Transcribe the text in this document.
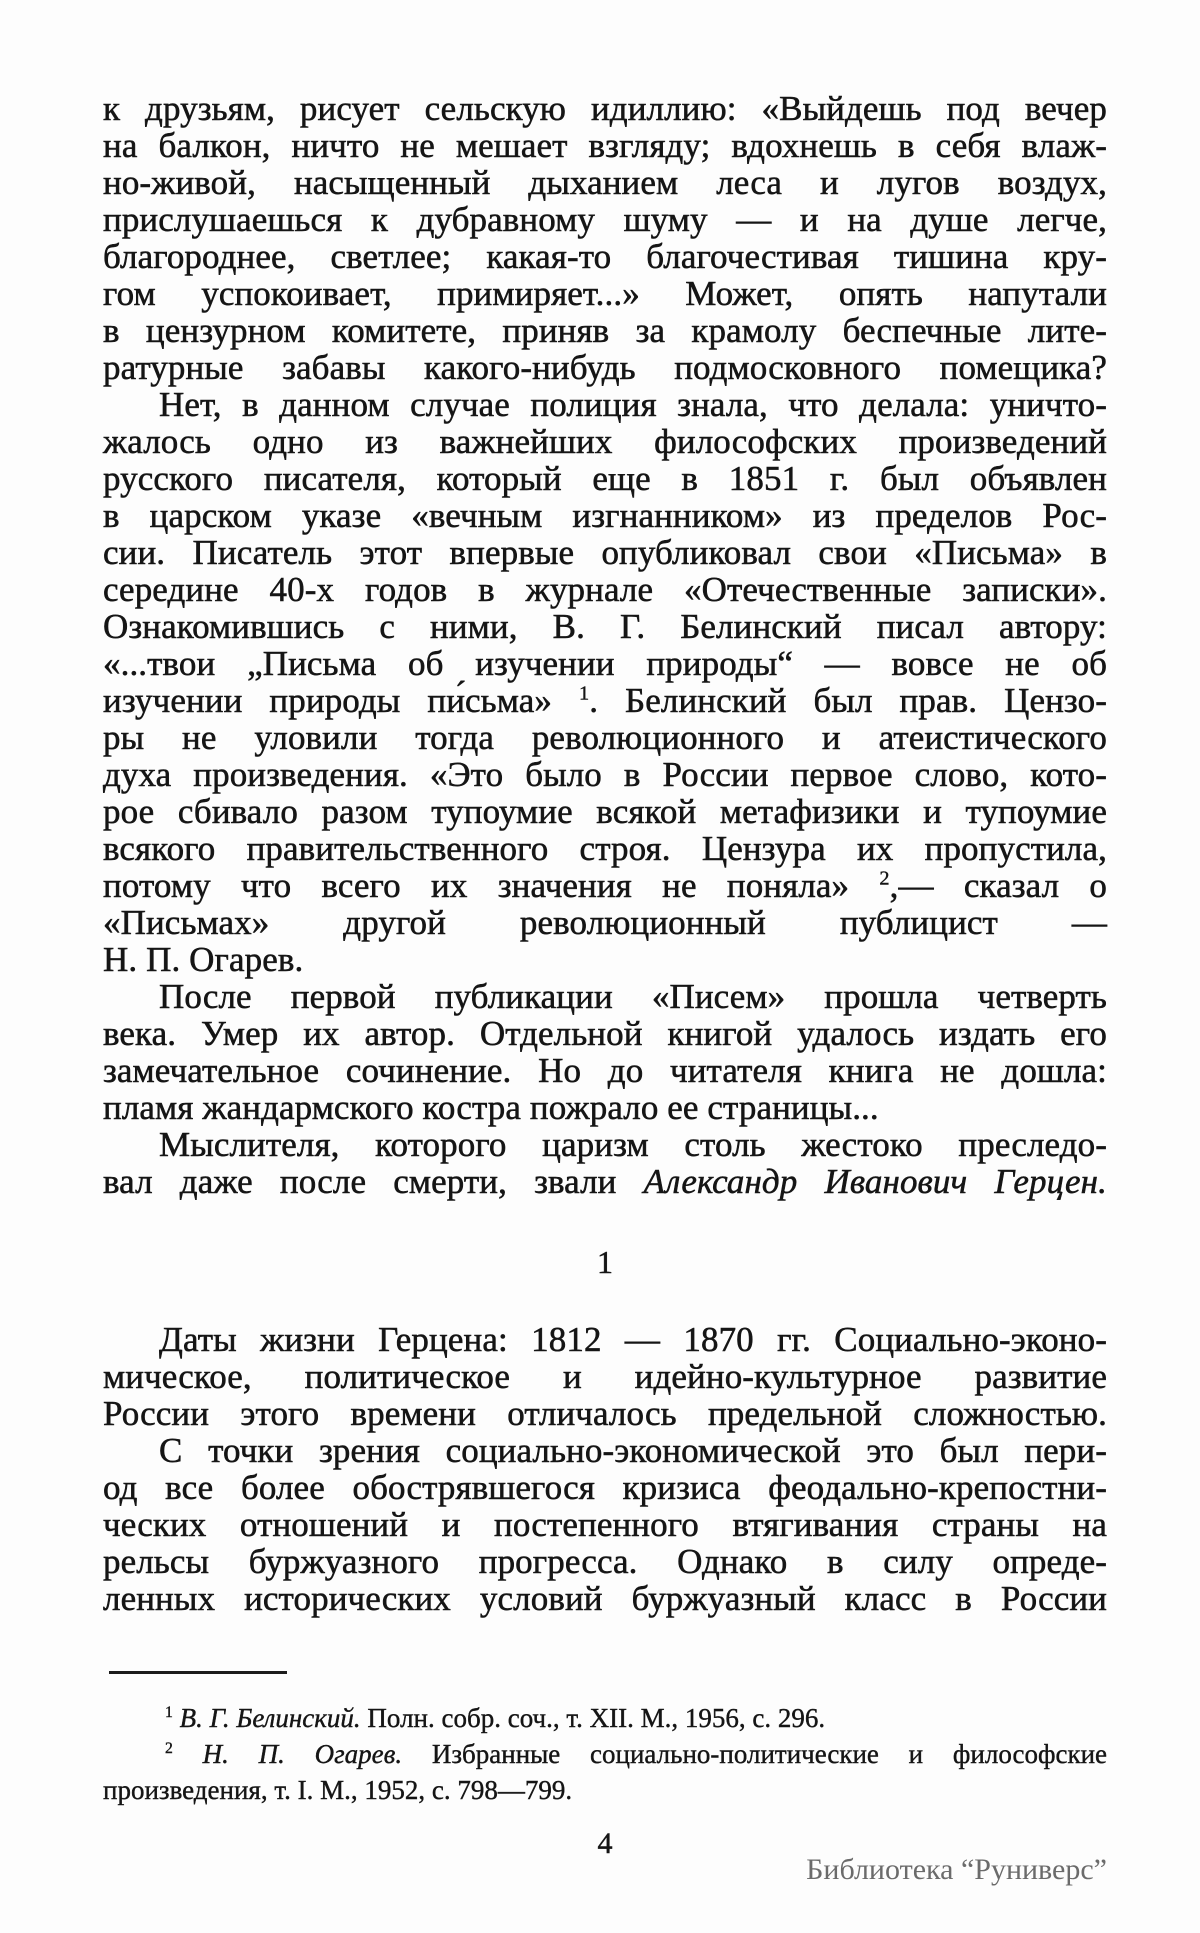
к друзьям, рисует сельскую идиллию: «Выйдешь под вечер
на балкон, ничто не мешает взгляду; вдохнешь в себя влаж-
но-живой, насыщенный дыханием леса и лугов воздух,
прислушаешься к дубравному шуму — и на душе легче,
благороднее, светлее; какая-то благочестивая тишина кру-
гом успокоивает, примиряет...» Может, опять напутали
в цензурном комитете, приняв за крамолу беспечные лите-
ратурные забавы какого-нибудь подмосковного помещика?
Нет, в данном случае полиция знала, что делала: уничто-
жалось одно из важнейших философских произведений
русского писателя, который еще в 1851 г. был объявлен
в царском указе «вечным изгнанником» из пределов Рос-
сии. Писатель этот впервые опубликовал свои «Письма» в
середине 40-х годов в журнале «Отечественные записки».
Ознакомившись с ними, В. Г. Белинский писал автору:
«...твои „Письма об изучении природы“ — вовсе не об
изучении природы пи́сьма» $^1$. Белинский был прав. Цензо-
ры не уловили тогда революционного и атеистического
духа произведения. «Это было в России первое слово, кото-
рое сбивало разом тупоумие всякой метафизики и тупоумие
всякого правительственного строя. Цензура их пропустила,
потому что всего их значения не поняла» $^2$,— сказал о
«Письмах» другой революционный публицист —
Н. П. Огарев.
После первой публикации «Писем» прошла четверть
века. Умер их автор. Отдельной книгой удалось издать его
замечательное сочинение. Но до читателя книга не дошла:
пламя жандармского костра пожрало ее страницы...
Мыслителя, которого царизм столь жестоко преследо-
вал даже после смерти, звали Александр Иванович Герцен.
1
Даты жизни Герцена: 1812 — 1870 гг. Социально-эконо-
мическое, политическое и идейно-культурное развитие
России этого времени отличалось предельной сложностью.
С точки зрения социально-экономической это был пери-
од все более обострявшегося кризиса феодально-крепостни-
ческих отношений и постепенного втягивания страны на
рельсы буржуазного прогресса. Однако в силу опреде-
ленных исторических условий буржуазный класс в России
$^1$ В. Г. Белинский. Полн. собр. соч., т. XII. М., 1956, с. 296.
$^2$ Н. П. Огарев. Избранные социально-политические и философские
произведения, т. I. М., 1952, с. 798—799.
4
Библиотека “Руниверс”
